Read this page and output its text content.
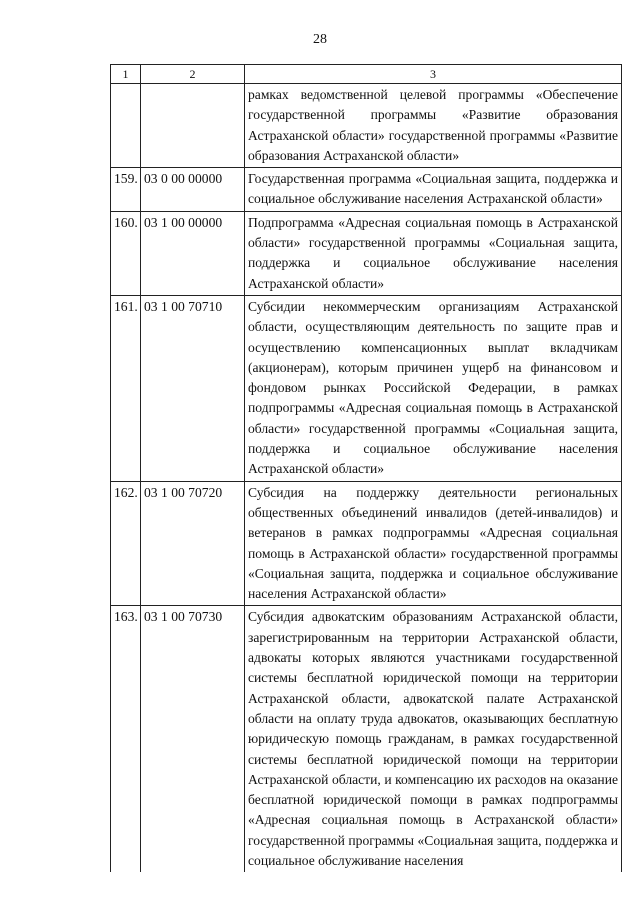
28
1	2	3
		рамках ведомственной целевой программы «Обеспечение государственной программы «Развитие образования Астраханской области» государственной программы «Развитие образования Астраханской области»
159.	03 0 00 00000	Государственная программа «Социальная защита, поддержка и социальное обслуживание населения Астраханской области»
160.	03 1 00 00000	Подпрограмма «Адресная социальная помощь в Астраханской области» государственной программы «Социальная защита, поддержка и социальное обслуживание населения Астраханской области»
161.	03 1 00 70710	Субсидии некоммерческим организациям Астраханской области, осуществляющим деятельность по защите прав и осуществлению компенсационных выплат вкладчикам (акционерам), которым причинен ущерб на финансовом и фондовом рынках Российской Федерации, в рамках подпрограммы «Адресная социальная помощь в Астраханской области» государственной программы «Социальная защита, поддержка и социальное обслуживание населения Астраханской области»
162.	03 1 00 70720	Субсидия на поддержку деятельности региональных общественных объединений инвалидов (детей-инвалидов) и ветеранов в рамках подпрограммы «Адресная социальная помощь в Астраханской области» государственной программы «Социальная защита, поддержка и социальное обслуживание населения Астраханской области»
163.	03 1 00 70730	Субсидия адвокатским образованиям Астраханской области, зарегистрированным на территории Астраханской области, адвокаты которых являются участниками государственной системы бесплатной юридической помощи на территории Астраханской области, адвокатской палате Астраханской области на оплату труда адвокатов, оказывающих бесплатную юридическую помощь гражданам, в рамках государственной системы бесплатной юридической помощи на территории Астраханской области, и компенсацию их расходов на оказание бесплатной юридической помощи в рамках подпрограммы «Адресная социальная помощь в Астраханской области» государственной программы «Социальная защита, поддержка и социальное обслуживание населения
